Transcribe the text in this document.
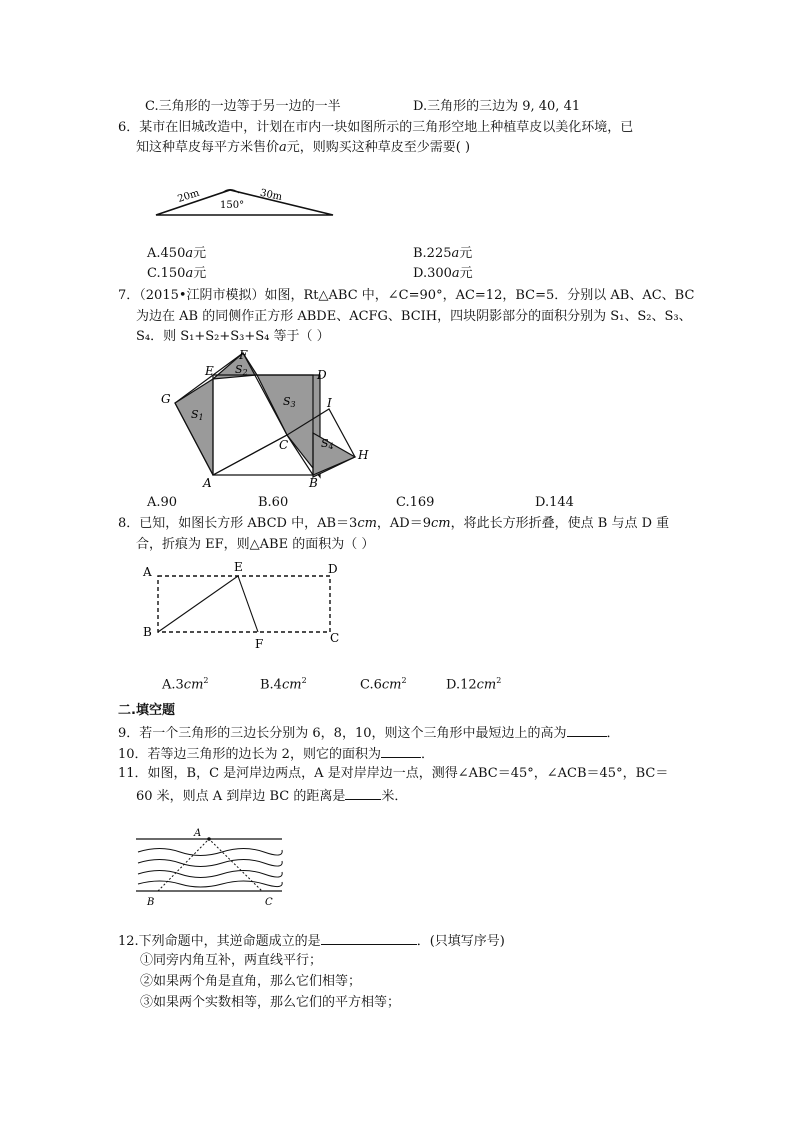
C.三角形的一边等于另一边的一半	D.三角形的三边为 9, 40, 41
6．某市在旧城改造中，计划在市内一块如图所示的三角形空地上种植草皮以美化环境，已
知这种草皮每平方米售价a元，则购买这种草皮至少需要( )
20m	30m
150°
A.450a元	B.225a元
C.150a元	D.300a元
7．（2015•江阴市模拟）如图，Rt△ABC 中，∠C=90°，AC=12，BC=5．分别以 AB、AC、BC
为边在 AB 的同侧作正方形 ABDE、ACFG、BCIH，四块阴影部分的面积分别为 S₁、S₂、S₃、
S₄．则 S₁+S₂+S₃+S₄ 等于（ ）
A	B
C
D
E
F
G
H
I
S1
S2
S3
S4
A.90	B.60	C.169	D.144
8．已知，如图长方形 ABCD 中，AB＝3cm，AD＝9cm，将此长方形折叠，使点 B 与点 D 重
合，折痕为 EF，则△ABE 的面积为（ ）
A
B	C
D
E
F
$A.3cm^2$	$B.4cm^2$	$C.6cm^2$	$D.12cm^2$
二.填空题
9．若一个三角形的三边长分别为 6，8，10，则这个三角形中最短边上的高为	．
10．若等边三角形的边长为 2，则它的面积为	．
11．如图，B，C 是河岸边两点，A 是对岸岸边一点，测得∠ABC＝45°，∠ACB＝45°，BC＝
60 米，则点 A 到岸边 BC 的距离是	米．
A
B	C
12.下列命题中，其逆命题成立的是	．(只填写序号)
①同旁内角互补，两直线平行；
②如果两个角是直角，那么它们相等；
③如果两个实数相等，那么它们的平方相等；
